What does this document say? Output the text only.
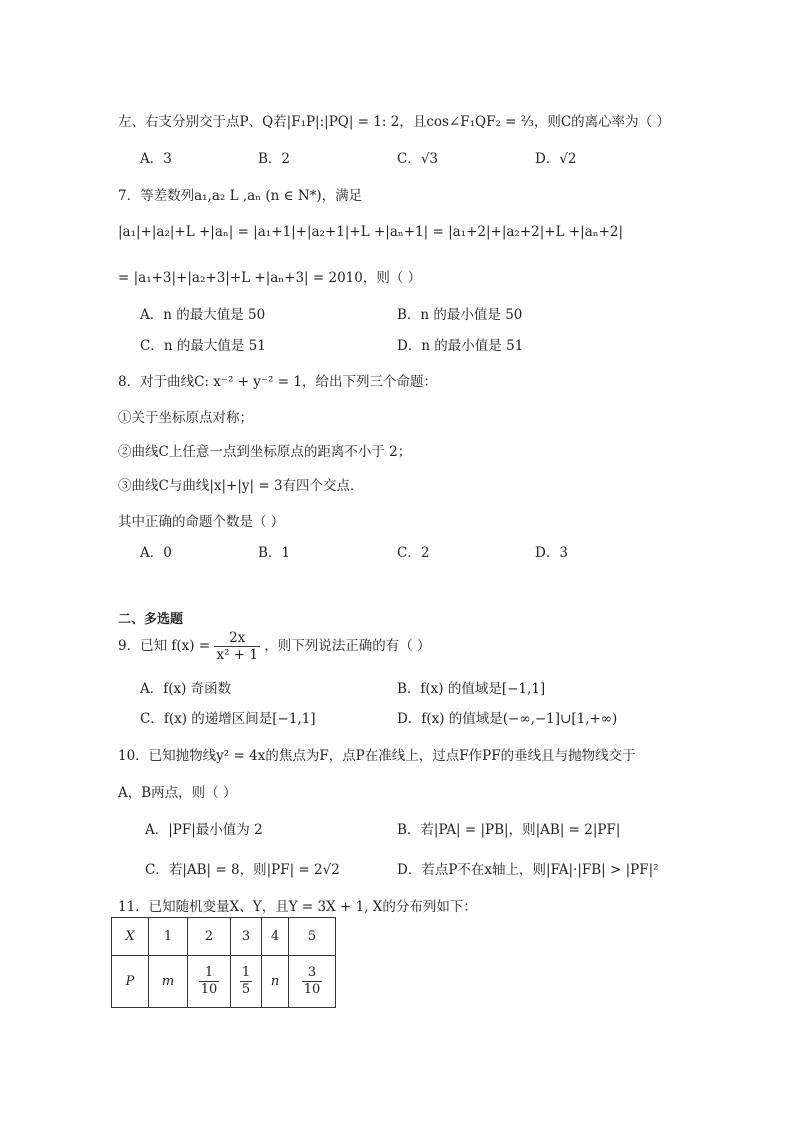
左、右支分别交于点P、Q若|F₁P|:|PQ| = 1: 2，且cos∠F₁QF₂ = ⅔，则C的离心率为（ ）
A．3	B．2	C．√3	D．√2
7．等差数列a₁,a₂ L ,aₙ (n ∈ N*)，满足
|a₁|+|a₂|+L +|aₙ| = |a₁+1|+|a₂+1|+L +|aₙ+1| = |a₁+2|+|a₂+2|+L +|aₙ+2|
= |a₁+3|+|a₂+3|+L +|aₙ+3| = 2010，则（ ）
A．n 的最大值是 50	B．n 的最小值是 50
C．n 的最大值是 51	D．n 的最小值是 51
8．对于曲线C: x⁻² + y⁻² = 1，给出下列三个命题：
①关于坐标原点对称；
②曲线C上任意一点到坐标原点的距离不小于 2；
③曲线C与曲线|x|+|y| = 3有四个交点．
其中正确的命题个数是（ ）
A．0	B．1	C．2	D．3
二、多选题
9．已知 $f(x) = \frac{2x}{\text{x² + 1}}$ ，则下列说法正确的有（ ）
A．f(x) 奇函数	B．f(x) 的值域是[−1,1]
C．f(x) 的递增区间是[−1,1]	D．f(x) 的值域是(−∞,−1]∪[1,+∞)
10．已知抛物线y² = 4x的焦点为F，点P在准线上，过点F作PF的垂线且与抛物线交于
A，B两点，则（ ）
A．|PF|最小值为 2	B．若|PA| = |PB|，则|AB| = 2|PF|
C．若|AB| = 8，则|PF| = 2√2	D．若点P不在x轴上，则|FA|·|FB| > |PF|²
11．已知随机变量X、Y，且Y = 3X + 1, X的分布列如下：
X	1	2	3	4	5
P	m	$\frac{1}{10}$	$\frac{1}{5}$	n	$\frac{3}{10}$
